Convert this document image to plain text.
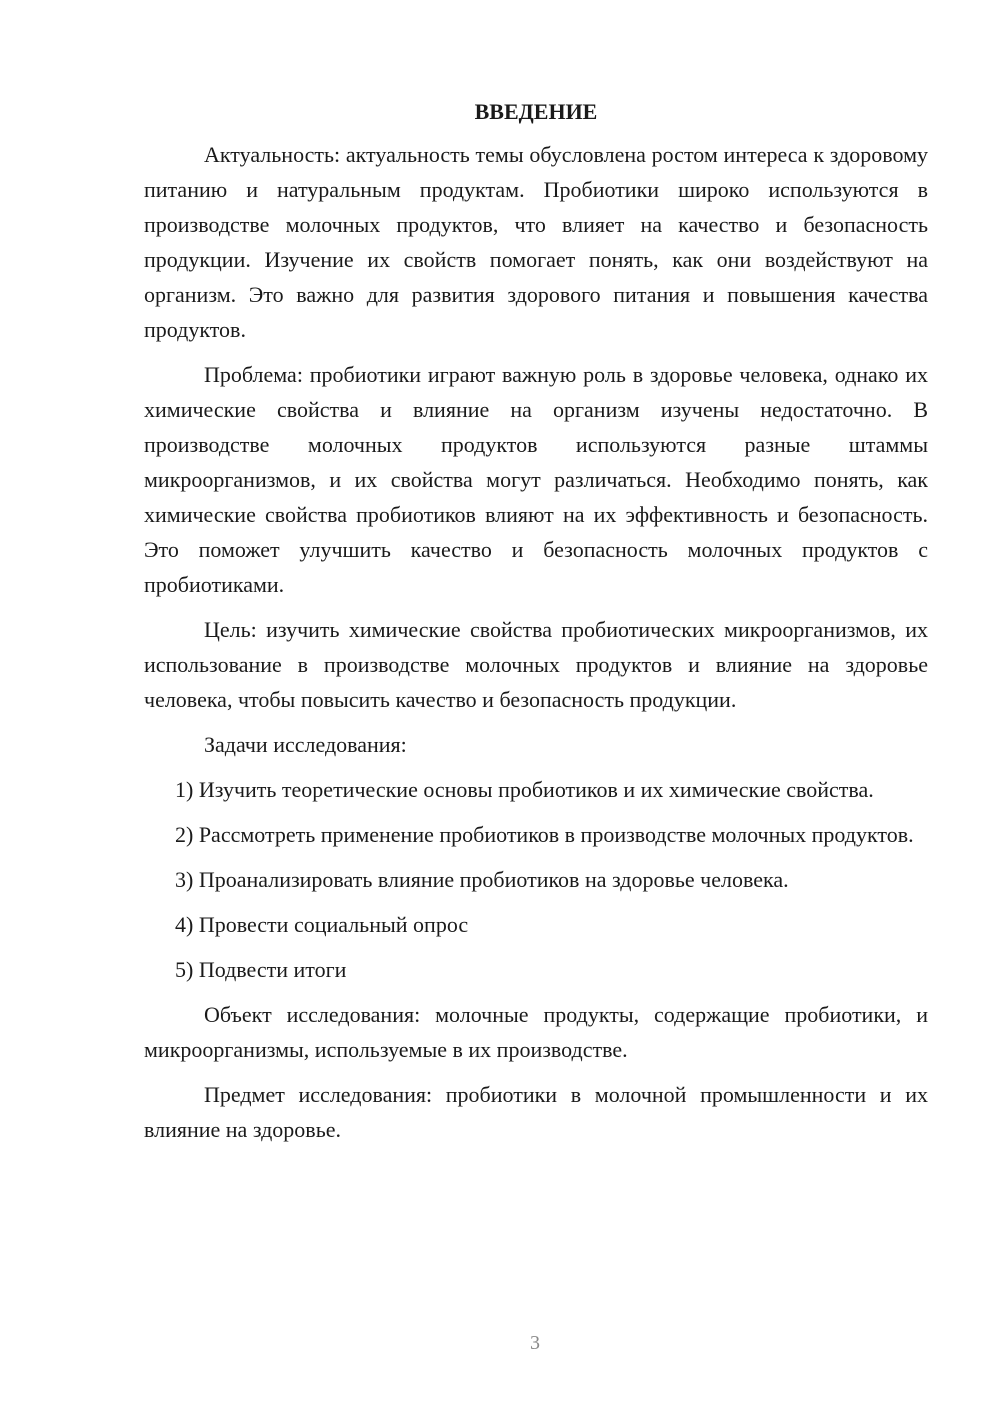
ВВЕДЕНИЕ

Актуальность: актуальность темы обусловлена ростом интереса к здоровому питанию и натуральным продуктам. Пробиотики широко используются в производстве молочных продуктов, что влияет на качество и безопасность продукции. Изучение их свойств помогает понять, как они воздействуют на организм. Это важно для развития здорового питания и повышения качества продуктов.

Проблема: пробиотики играют важную роль в здоровье человека, однако их химические свойства и влияние на организм изучены недостаточно. В производстве молочных продуктов используются разные штаммы микроорганизмов, и их свойства могут различаться. Необходимо понять, как химические свойства пробиотиков влияют на их эффективность и безопасность. Это поможет улучшить качество и безопасность молочных продуктов с пробиотиками.

Цель: изучить химические свойства пробиотических микроорганизмов, их использование в производстве молочных продуктов и влияние на здоровье человека, чтобы повысить качество и безопасность продукции.

Задачи исследования:

1) Изучить теоретические основы пробиотиков и их химические свойства.

2) Рассмотреть применение пробиотиков в производстве молочных продуктов.

3) Проанализировать влияние пробиотиков на здоровье человека.

4) Провести социальный опрос

5) Подвести итоги

Объект исследования: молочные продукты, содержащие пробиотики, и микроорганизмы, используемые в их производстве.

Предмет исследования: пробиотики в молочной промышленности и их влияние на здоровье.

3
